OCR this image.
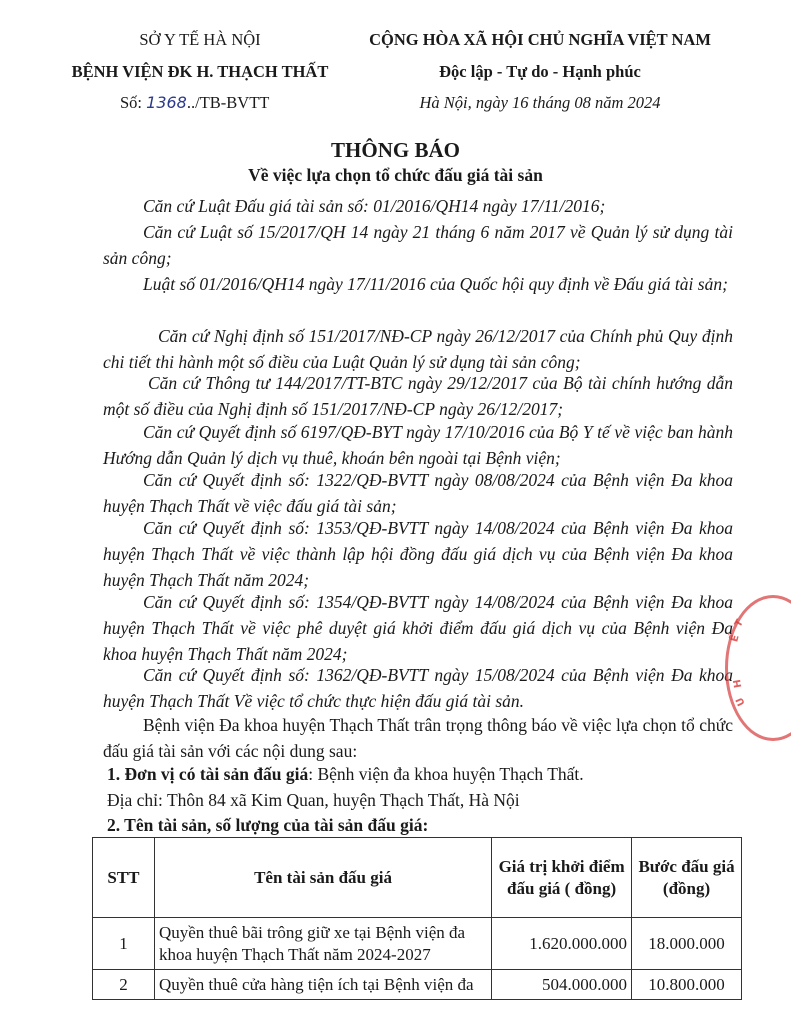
SỞ Y TẾ HÀ NỘI
BỆNH VIỆN ĐK H. THẠCH THẤT
Số: 1368../TB-BVTT
CỘNG HÒA XÃ HỘI CHỦ NGHĨA VIỆT NAM
Độc lập - Tự do - Hạnh phúc
Hà Nội, ngày 16 tháng 08 năm 2024
THÔNG BÁO
Về việc lựa chọn tổ chức đấu giá tài sản
Căn cứ Luật Đấu giá tài sản số: 01/2016/QH14 ngày 17/11/2016;
Căn cứ Luật số 15/2017/QH 14 ngày 21 tháng 6 năm 2017 về Quản lý sử dụng tài sản công;
Luật số 01/2016/QH14 ngày 17/11/2016 của Quốc hội quy định về Đấu giá tài sản;
Căn cứ Nghị định số 151/2017/NĐ-CP ngày 26/12/2017 của Chính phủ Quy định chi tiết thi hành một số điều của Luật Quản lý sử dụng tài sản công;
Căn cứ Thông tư 144/2017/TT-BTC ngày 29/12/2017 của Bộ tài chính hướng dẫn một số điều của Nghị định số 151/2017/NĐ-CP ngày 26/12/2017;
Căn cứ Quyết định số 6197/QĐ-BYT ngày 17/10/2016 của Bộ Y tế về việc ban hành Hướng dẫn Quản lý dịch vụ thuê, khoán bên ngoài tại Bệnh viện;
Căn cứ Quyết định số: 1322/QĐ-BVTT ngày 08/08/2024 của Bệnh viện Đa khoa huyện Thạch Thất về việc đấu giá tài sản;
Căn cứ Quyết định số: 1353/QĐ-BVTT ngày 14/08/2024 của Bệnh viện Đa khoa huyện Thạch Thất về việc thành lập hội đồng đấu giá dịch vụ của Bệnh viện Đa khoa huyện Thạch Thất năm 2024;
Căn cứ Quyết định số: 1354/QĐ-BVTT ngày 14/08/2024 của Bệnh viện Đa khoa huyện Thạch Thất về việc phê duyệt giá khởi điểm đấu giá dịch vụ của Bệnh viện Đa khoa huyện Thạch Thất năm 2024;
Căn cứ Quyết định số: 1362/QĐ-BVTT ngày 15/08/2024 của Bệnh viện Đa khoa huyện Thạch Thất Về việc tổ chức thực hiện đấu giá tài sản.
Bệnh viện Đa khoa huyện Thạch Thất trân trọng thông báo về việc lựa chọn tổ chức đấu giá tài sản với các nội dung sau:
1. Đơn vị có tài sản đấu giá: Bệnh viện đa khoa huyện Thạch Thất.
Địa chỉ: Thôn 84 xã Kim Quan, huyện Thạch Thất, Hà Nội
2. Tên tài sản, số lượng của tài sản đấu giá:
STT	Tên tài sản đấu giá	Giá trị khởi điểm đấu giá ( đồng)	Bước đấu giá (đồng)
1	Quyền thuê bãi trông giữ xe tại Bệnh viện đa khoa huyện Thạch Thất năm 2024-2027	1.620.000.000	18.000.000
2	Quyền thuê cửa hàng tiện ích tại Bệnh viện đa	504.000.000	10.800.000
T
Ế
H
U
